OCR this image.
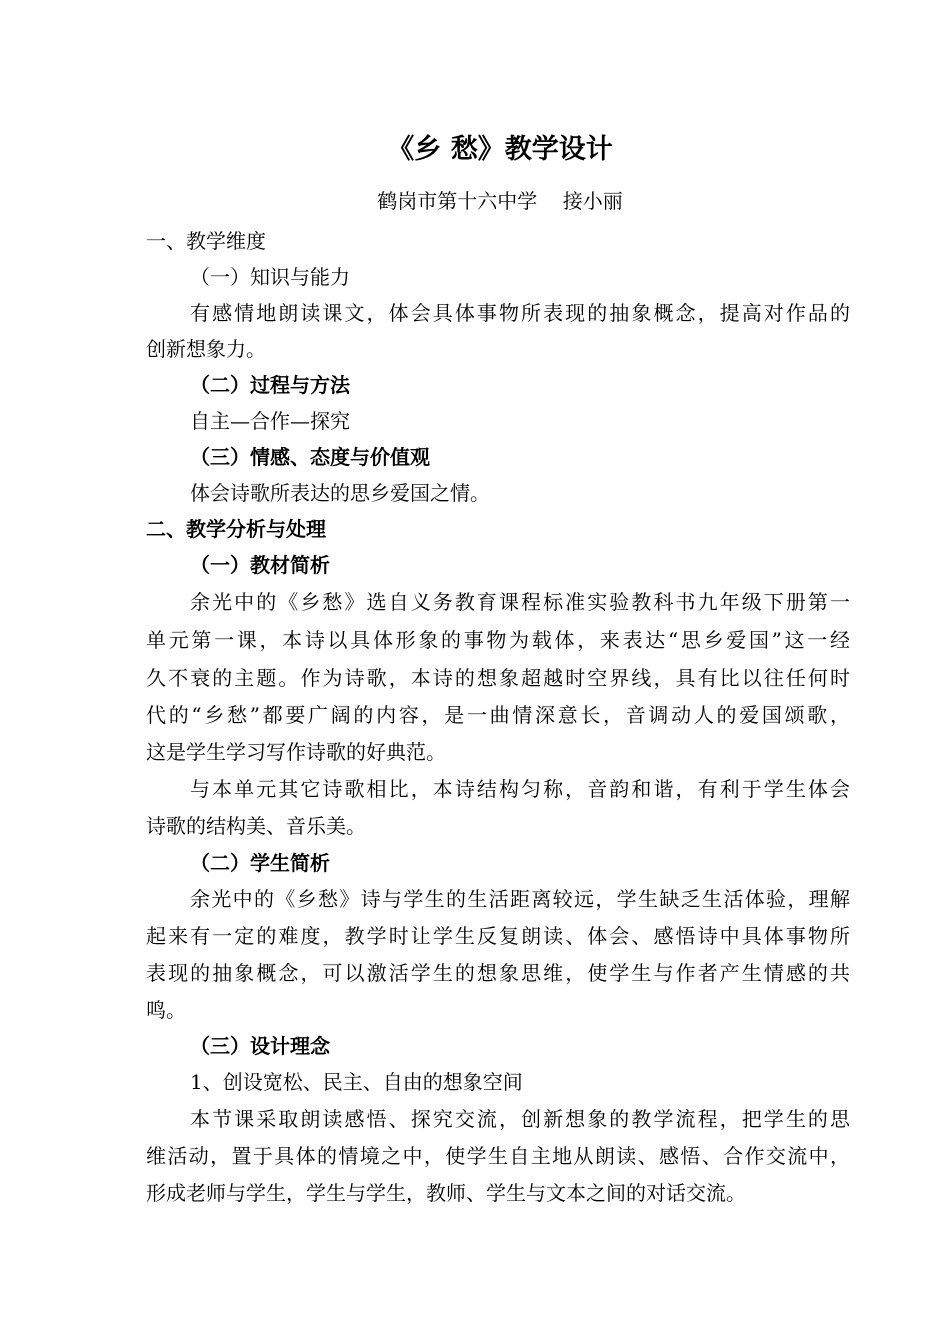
《乡 愁》教学设计
鹤岗市第十六中学    接小丽
一、教学维度
（一）知识与能力
有感情地朗读课文，体会具体事物所表现的抽象概念，提高对作品的
创新想象力。
（二）过程与方法
自主—合作—探究
（三）情感、态度与价值观
体会诗歌所表达的思乡爱国之情。
二、教学分析与处理
（一）教材简析
余光中的《乡愁》选自义务教育课程标准实验教科书九年级下册第一
单元第一课，本诗以具体形象的事物为载体，来表达“思乡爱国”这一经
久不衰的主题。作为诗歌，本诗的想象超越时空界线，具有比以往任何时
代的“乡愁”都要广阔的内容，是一曲情深意长，音调动人的爱国颂歌，
这是学生学习写作诗歌的好典范。
与本单元其它诗歌相比，本诗结构匀称，音韵和谐，有利于学生体会
诗歌的结构美、音乐美。
（二）学生简析
余光中的《乡愁》诗与学生的生活距离较远，学生缺乏生活体验，理解
起来有一定的难度，教学时让学生反复朗读、体会、感悟诗中具体事物所
表现的抽象概念，可以激活学生的想象思维，使学生与作者产生情感的共
鸣。
（三）设计理念
1、创设宽松、民主、自由的想象空间
本节课采取朗读感悟、探究交流，创新想象的教学流程，把学生的思
维活动，置于具体的情境之中，使学生自主地从朗读、感悟、合作交流中，
形成老师与学生，学生与学生，教师、学生与文本之间的对话交流。
